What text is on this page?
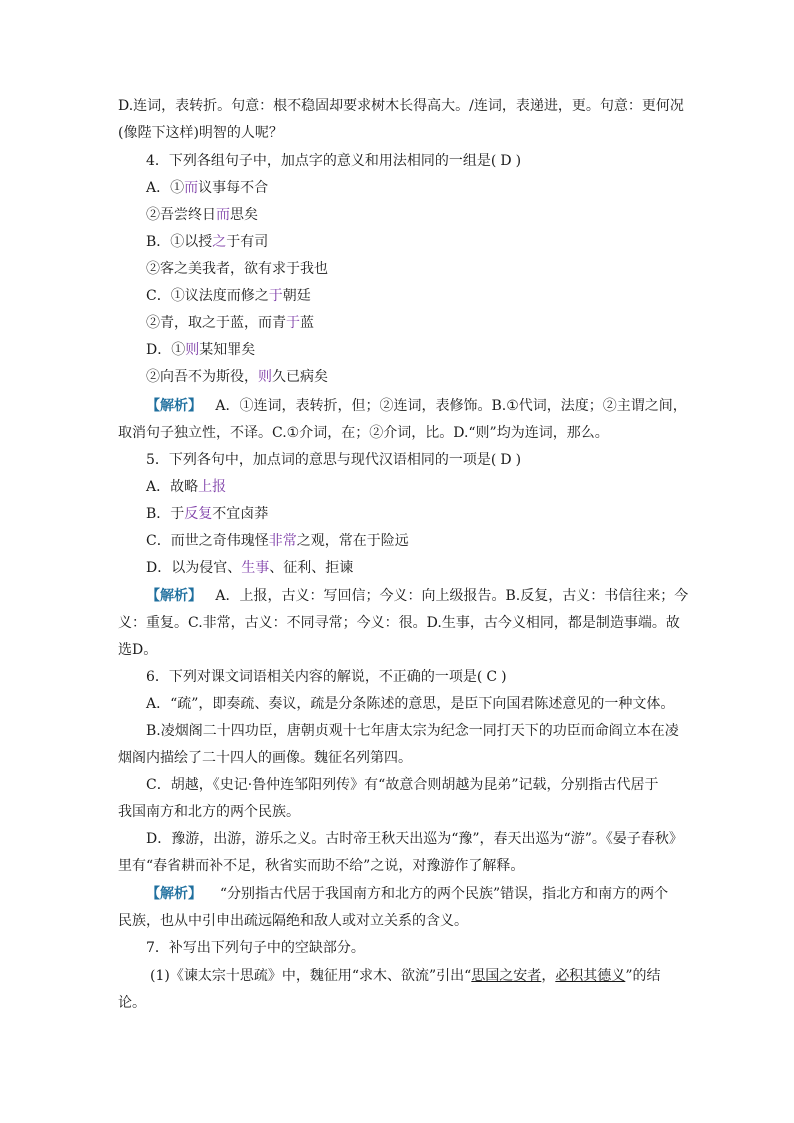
D.连词，表转折。句意：根不稳固却要求树木长得高大。/连词，表递进，更。句意：更何况
(像陛下这样)明智的人呢？
4．下列各组句子中，加点字的意义和用法相同的一组是( D )
A．①而议事每不合
②吾尝终日而思矣
B．①以授之于有司
②客之美我者，欲有求于我也
C．①议法度而修之于朝廷
②青，取之于蓝，而青于蓝
D．①则某知罪矣
②向吾不为斯役，则久已病矣
【解析】 A．①连词，表转折，但；②连词，表修饰。B.①代词，法度；②主谓之间，
取消句子独立性，不译。C.①介词，在；②介词，比。D.“则”均为连词，那么。
5．下列各句中，加点词的意思与现代汉语相同的一项是( D )
A．故略上报
B．于反复不宜卤莽
C．而世之奇伟瑰怪非常之观，常在于险远
D．以为侵官、生事、征利、拒谏
【解析】 A．上报，古义：写回信；今义：向上级报告。B.反复，古义：书信往来；今
义：重复。C.非常，古义：不同寻常；今义：很。D.生事，古今义相同，都是制造事端。故
选D。
6．下列对课文词语相关内容的解说，不正确的一项是( C )
A．“疏”，即奏疏、奏议，疏是分条陈述的意思，是臣下向国君陈述意见的一种文体。
B.凌烟阁二十四功臣，唐朝贞观十七年唐太宗为纪念一同打天下的功臣而命阎立本在凌
烟阁内描绘了二十四人的画像。魏征名列第四。
C．胡越，《史记·鲁仲连邹阳列传》有“故意合则胡越为昆弟”记载，分别指古代居于
我国南方和北方的两个民族。
D．豫游，出游，游乐之义。古时帝王秋天出巡为“豫”，春天出巡为“游”。《晏子春秋》
里有“春省耕而补不足，秋省实而助不给”之说，对豫游作了解释。
【解析】 “分别指古代居于我国南方和北方的两个民族”错误，指北方和南方的两个
民族，也从中引申出疏远隔绝和敌人或对立关系的含义。
7．补写出下列句子中的空缺部分。
(1)《谏太宗十思疏》中，魏征用“求木、欲流”引出“思国之安者，必积其德义”的结
论。
